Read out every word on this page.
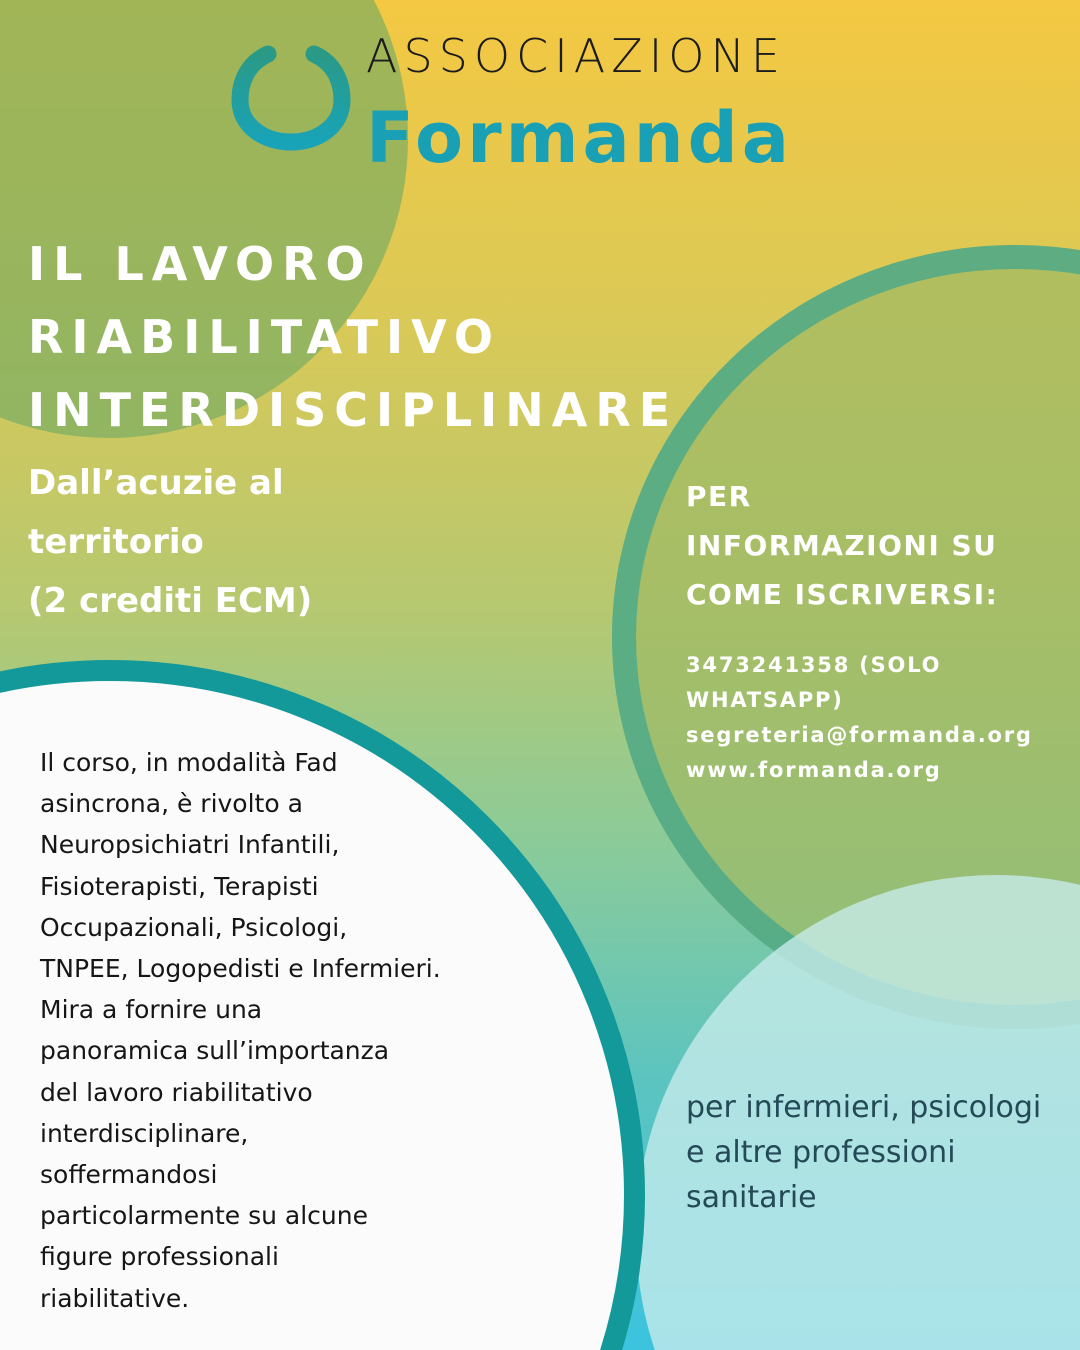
ASSOCIAZIONE
Formanda
IL LAVORO
RIABILITATIVO
INTERDISCIPLINARE
Dall’acuzie al
territorio
(2 crediti ECM)
PER
INFORMAZIONI SU
COME ISCRIVERSI:
3473241358 (SOLO
WHATSAPP)
segreteria@formanda.org
www.formanda.org

Il corso, in modalità Fad
asincrona, è rivolto a
Neuropsichiatri Infantili,
Fisioterapisti, Terapisti
Occupazionali, Psicologi,
TNPEE, Logopedisti e Infermieri.
Mira a fornire una
panoramica sull’importanza
del lavoro riabilitativo
interdisciplinare,
soffermandosi
particolarmente su alcune
figure professionali
riabilitative.

per infermieri, psicologi
e altre professioni
sanitarie
